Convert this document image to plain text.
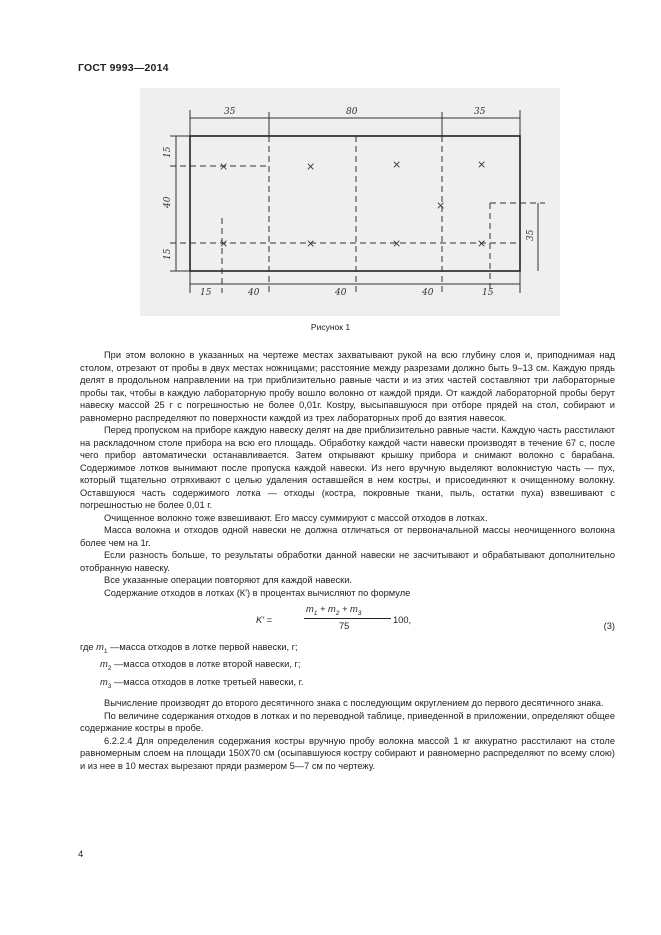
ГОСТ 9993—2014
35	80	35
×	×	×	×
×
×	×	×	×
15
40
15
35
15	40	40	40	15
Рисунок 1

При этом волокно в указанных на чертеже местах захватывают рукой на всю глубину слоя и, приподнимая над столом, отрезают от пробы в двух местах ножницами; расстояние между разрезами должно быть 9–13 см. Каждую прядь делят в продольном направлении на три приблизительно равные части и из этих частей составляют три лабораторные пробы так, чтобы в каждую лабораторную пробу вошло волокно от каждой пряди. От каждой лабораторной пробы берут навеску массой 25 г с погрешностью не более 0,01г. Кostру, высыпавшуюся при отборе прядей на стол, собирают и равномерно распределяют по поверхности каждой из трех лабораторных проб до взятия навесок.

Перед пропуском на приборе каждую навеску делят на две приблизительно равные части. Каждую часть расстилают на раскладочном столе прибора на всю его площадь. Обработку каждой части навески производят в течение 67 с, после чего прибор автоматически останавливается. Затем открывают крышку прибора и снимают волокно с барабана. Содержимое лотков вынимают после пропуска каждой навески. Из него вручную выделяют волокнистую часть — пух, который тщательно отряхивают с целью удаления оставшейся в нем костры, и присоединяют к очищенному волокну. Оставшуюся часть содержимого лотка — отходы (костра, покровные ткани, пыль, остатки пуха) взвешивают с погрешностью не более 0,01 г.

Очищенное волокно тоже взвешивают. Его массу суммируют с массой отходов в лотках.

Масса волокна и отходов одной навески не должна отличаться от первоначальной массы неочищенного волокна более чем на 1г.

Если разность больше, то результаты обработки данной навески не засчитывают и обрабатывают дополнительно отобранную навеску.

Все указанные операции повторяют для каждой навески.

Содержание отходов в лотках (К') в процентах вычисляют по формуле

K' =
$m_1 + m_2 + m_3$
75
100,
(3)
где $m_1$ —масса отходов в лотке первой навески, г;
$m_2$ —масса отходов в лотке второй навески, г;
$m_3$ —масса отходов в лотке третьей навески, г.

Вычисление производят до второго десятичного знака с последующим округлением до первого десятичного знака.

По величине содержания отходов в лотках и по переводной таблице, приведенной в приложении, определяют общее содержание костры в пробе.

6.2.2.4 Для определения содержания костры вручную пробу волокна массой 1 кг аккуратно расстилают на столе равномерным слоем на площади 150X70 см (осыпавшуюся костру собирают и равномерно распределяют по всему слою) и из нее в 10 местах вырезают пряди размером 5—7 см по чертежу.

4
